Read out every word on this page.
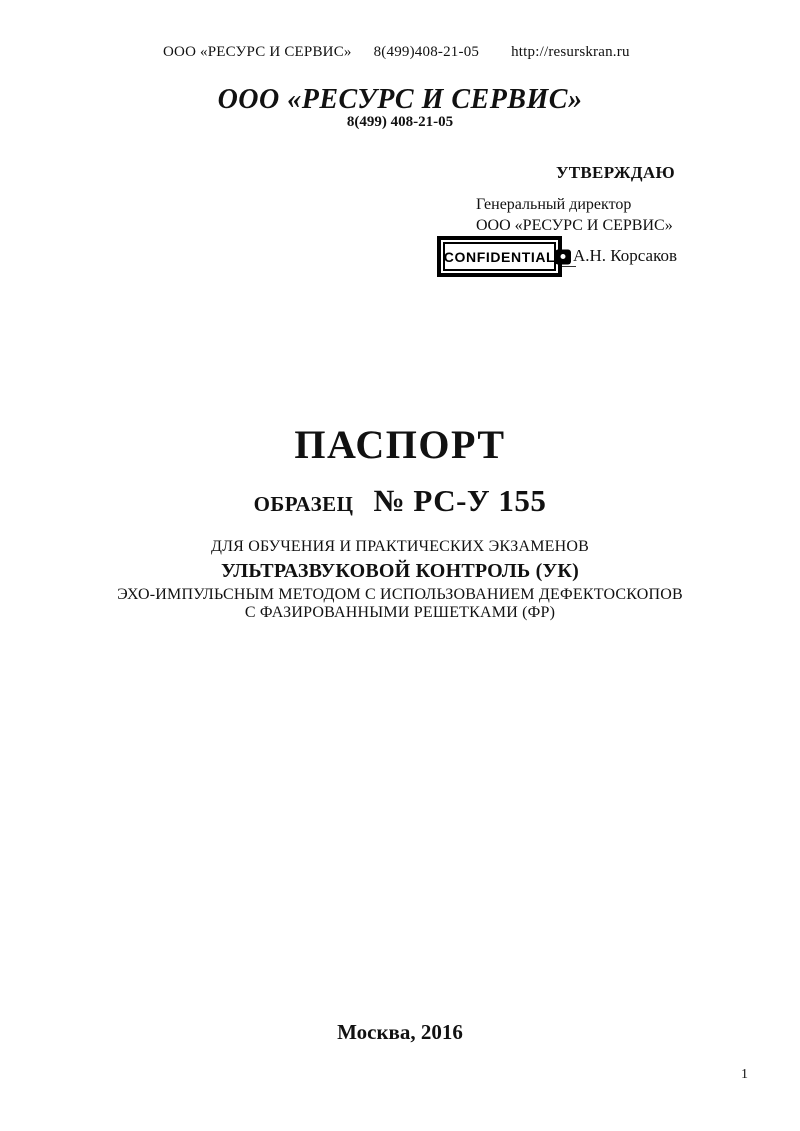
ООО «РЕСУРС И СЕРВИС» 8(499)408-21-05 http://resurskran.ru
ООО «РЕСУРС И СЕРВИС»
8(499) 408-21-05
УТВЕРЖДАЮ
Генеральный директор
ООО «РЕСУРС И СЕРВИС»
CONFIDENTIAL А.Н. Корсаков
ПАСПОРТ
ОБРАЗЕЦ № РС-У 155
ДЛЯ ОБУЧЕНИЯ И ПРАКТИЧЕСКИХ ЭКЗАМЕНОВ
УЛЬТРАЗВУКОВОЙ КОНТРОЛЬ (УК)
ЭХО-ИМПУЛЬСНЫМ МЕТОДОМ С ИСПОЛЬЗОВАНИЕМ ДЕФЕКТОСКОПОВ
С ФАЗИРОВАННЫМИ РЕШЕТКАМИ (ФР)
Москва, 2016
1
